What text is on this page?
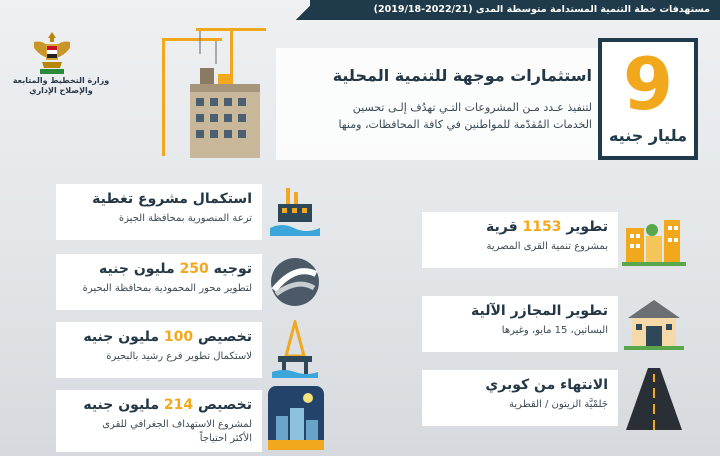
مستهدفات خطة التنمية المستدامة متوسطة المدى (2022/21-2019/18)
وزارة التخطيط والمتابعة
والإصلاح الإداري
استثمارات موجهة للتنمية المحلية
لتنفيذ عـدد مـن المشروعات التـي تهدُف إلـى تحسين
الخدمات المُقدّمة للمواطنين في كافة المحافظات، ومنها 9
مليار جنيه
استكمال مشروع تغطية
ترعة المنصورية بمحافظة الجيزة
توجيه 250 مليون جنيه
لتطوير محور المحمودية بمحافظة البحيرة
تخصيص 100 مليون جنيه
لاستكمال تطوير فرع رشيد بالبحيرة
تخصيص 214 مليون جنيه
لمشروع الاستهداف الجغرافي للقرى
الأكثر احتياجاً
تطوير 1153 قرية
بمشروع تنمية القرى المصرية
تطوير المجازر الآلية
البساتين، 15 مايو، وغيرها
الانتهاء من كوبري
جَلمْيَّة الزيتون / القطرية
